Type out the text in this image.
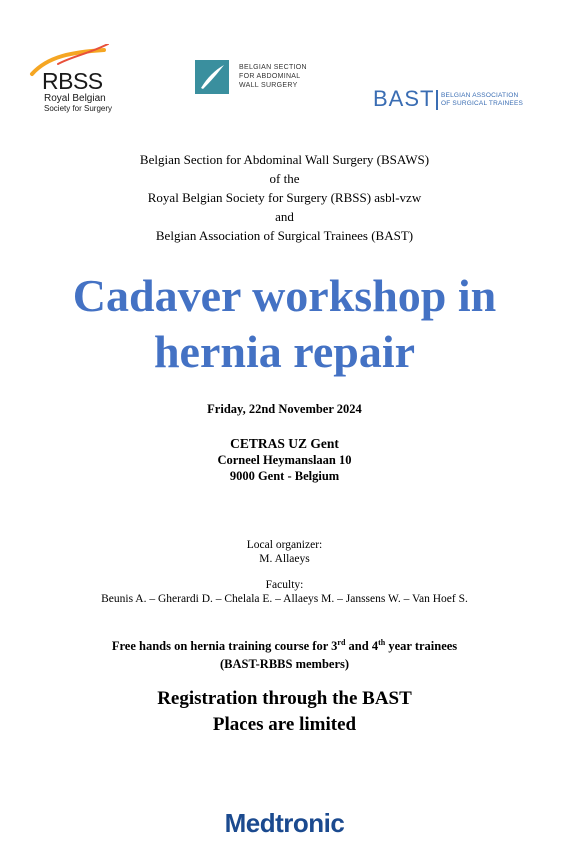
RBSS
Royal Belgian
Society for Surgery
BELGIAN SECTION
FOR ABDOMINAL
WALL SURGERY
BAST BELGIAN ASSOCIATION
OF SURGICAL TRAINEES
Belgian Section for Abdominal Wall Surgery (BSAWS)
of the
Royal Belgian Society for Surgery (RBSS) asbl-vzw
and
Belgian Association of Surgical Trainees (BAST)
Cadaver workshop in
hernia repair
Friday, 22nd November 2024
CETRAS UZ Gent
Corneel Heymanslaan 10
9000 Gent - Belgium
Local organizer:
M. Allaeys
Faculty:
Beunis A. – Gherardi D. – Chelala E. – Allaeys M. – Janssens W. – Van Hoef S.
Free hands on hernia training course for 3rd and 4th year trainees
(BAST-RBBS members)
Registration through the BAST
Places are limited
Medtronic
